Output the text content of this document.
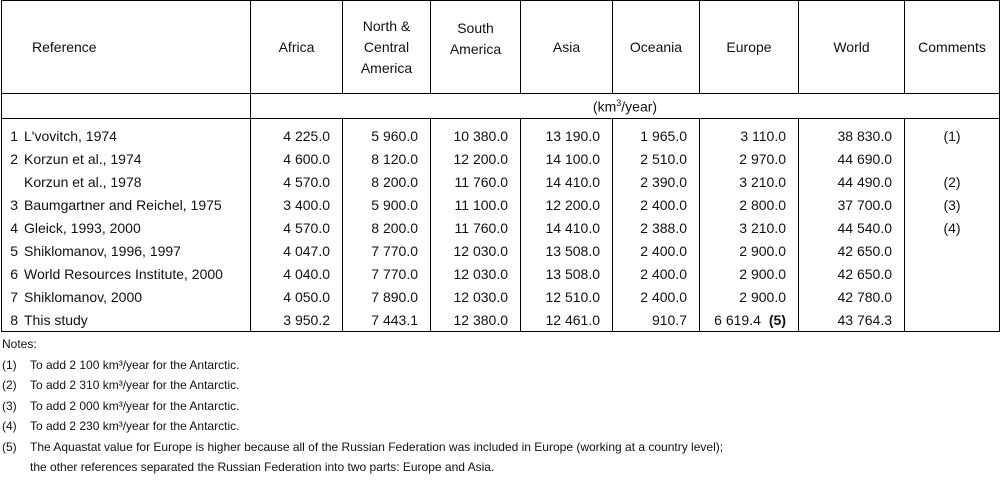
Reference	Africa	North &
Central
America	South
America	Asia	Oceania	Europe	World	Comments
	$(km^3/year)$							
1 L'vovitch, 1974	4 225.0	5 960.0	10 380.0	13 190.0	1 965.0	3 110.0	38 830.0	(1)
2 Korzun et al., 1974	4 600.0	8 120.0	12 200.0	14 100.0	2 510.0	2 970.0	44 690.0	
Korzun et al., 1978	4 570.0	8 200.0	11 760.0	14 410.0	2 390.0	3 210.0	44 490.0	(2)
3 Baumgartner and Reichel, 1975	3 400.0	5 900.0	11 100.0	12 200.0	2 400.0	2 800.0	37 700.0	(3)
4 Gleick, 1993, 2000	4 570.0	8 200.0	11 760.0	14 410.0	2 388.0	3 210.0	44 540.0	(4)
5 Shiklomanov, 1996, 1997	4 047.0	7 770.0	12 030.0	13 508.0	2 400.0	2 900.0	42 650.0	
6 World Resources Institute, 2000	4 040.0	7 770.0	12 030.0	13 508.0	2 400.0	2 900.0	42 650.0	
7 Shiklomanov, 2000	4 050.0	7 890.0	12 030.0	12 510.0	2 400.0	2 900.0	42 780.0	
8 This study	3 950.2	7 443.1	12 380.0	12 461.0	910.7	6 619.4 (5)	43 764.3	
Notes:
(1) To add 2 100 km³/year for the Antarctic.
(2) To add 2 310 km³/year for the Antarctic.
(3) To add 2 000 km³/year for the Antarctic.
(4) To add 2 230 km³/year for the Antarctic.
(5) The Aquastat value for Europe is higher because all of the Russian Federation was included in Europe (working at a country level);
the other references separated the Russian Federation into two parts: Europe and Asia.
